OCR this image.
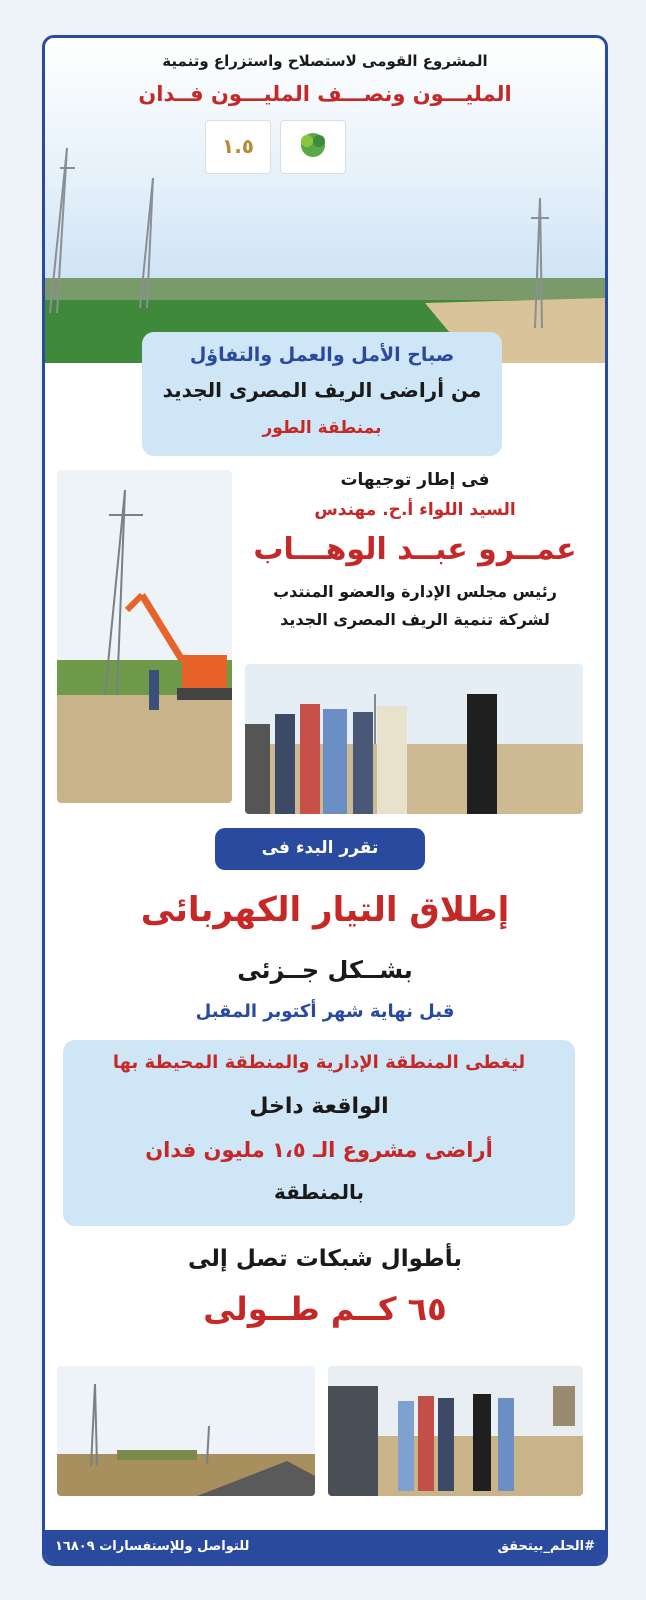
المشروع القومى لاستصلاح واستزراع وتنمية
المليـــون ونصـــف المليـــون فــدان
١.٥
صباح الأمل والعمل والتفاؤل
من أراضى الريف المصرى الجديد
بمنطقة الطور
فى إطار توجيهات
السيد اللواء أ.ح. مهندس
عمــرو عبــد الوهـــاب
رئيس مجلس الإدارة والعضو المنتدب
لشركة تنمية الريف المصرى الجديد
تقرر البدء فى
إطلاق التيار الكهربائى
بشــكل جــزئى
قبل نهاية شهر أكتوبر المقبل
ليغطى المنطقة الإدارية والمنطقة المحيطة بها
الواقعة داخل
أراضى مشروع الـ ١،٥ مليون فدان
بالمنطقة
بأطوال شبكات تصل إلى
٦٥ كــم طــولى
للتواصل وللإستفسارات ١٦٨٠٩	#الحلم_بيتحقق
